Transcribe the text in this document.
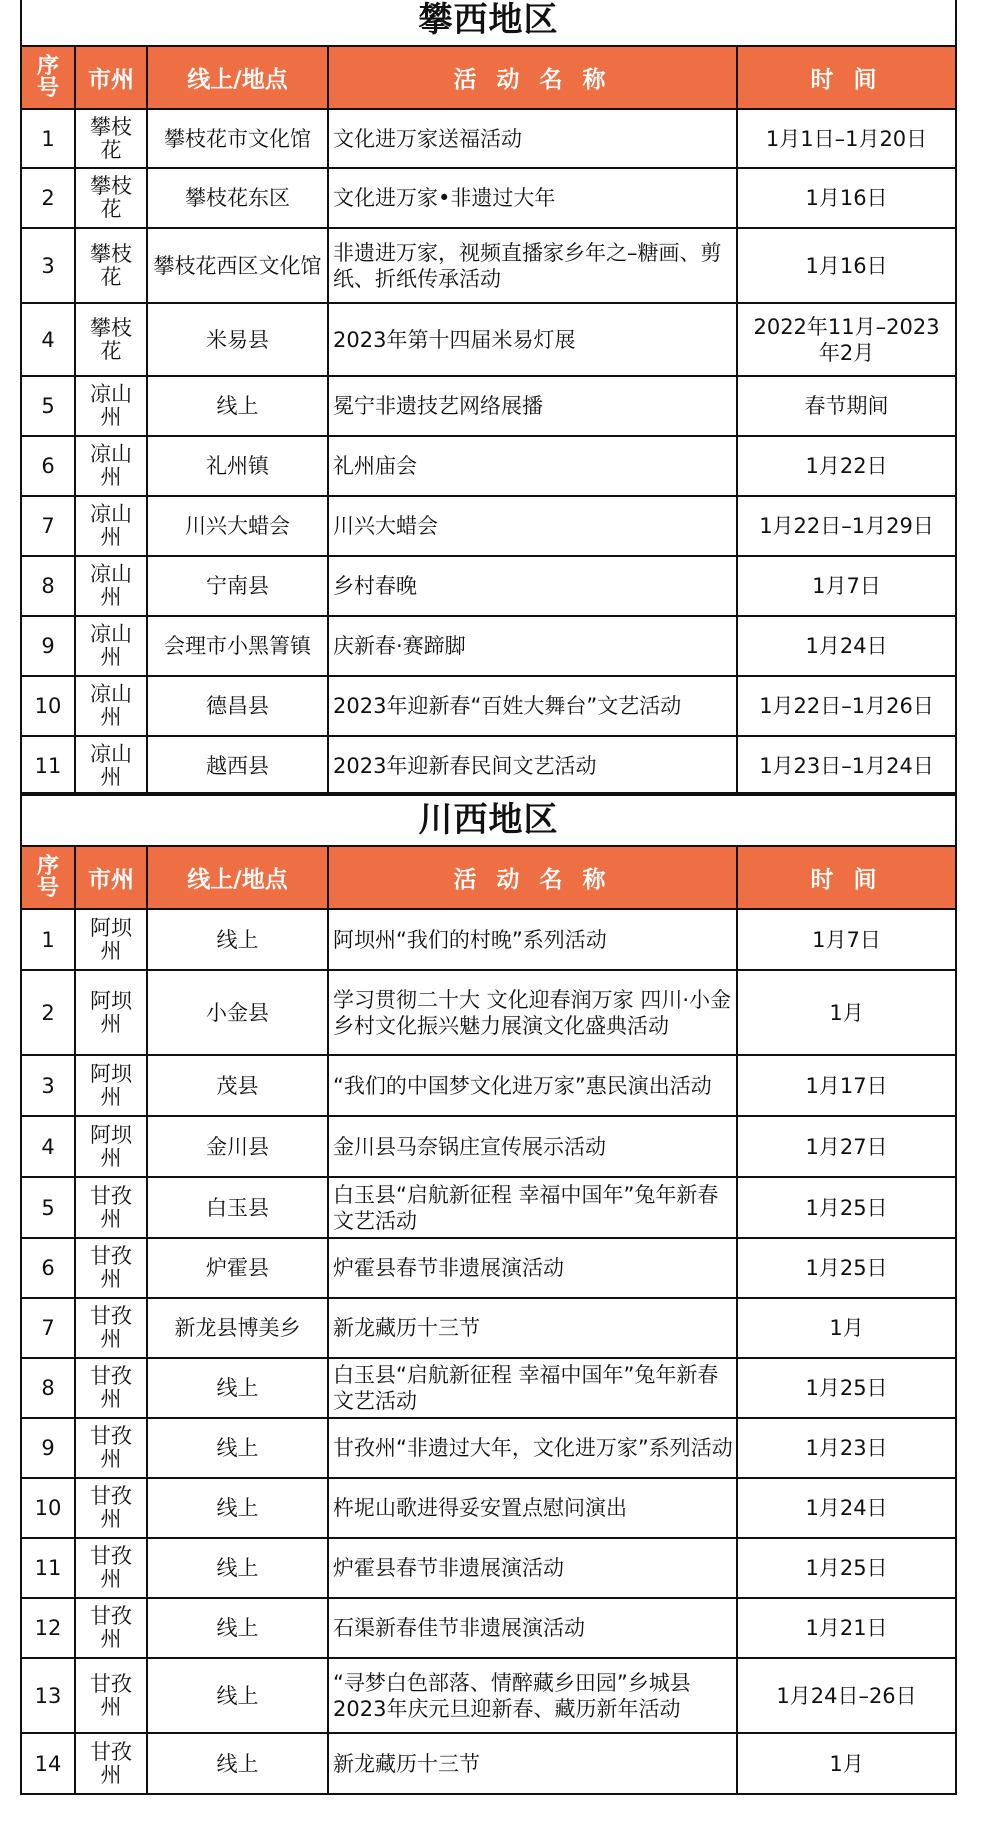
攀西地区				
序号	市州	线上/地点	活 动 名 称	时 间
1	攀枝花	攀枝花市文化馆	文化进万家送福活动	1月1日–1月20日
2	攀枝花	攀枝花东区	文化进万家•非遗过大年	1月16日
3	攀枝花	攀枝花西区文化馆	非遗进万家，视频直播家乡年之–糖画、剪纸、折纸传承活动	1月16日
4	攀枝花	米易县	2023年第十四届米易灯展	2022年11月–2023年2月
5	凉山州	线上	冕宁非遗技艺网络展播	春节期间
6	凉山州	礼州镇	礼州庙会	1月22日
7	凉山州	川兴大蜡会	川兴大蜡会	1月22日–1月29日
8	凉山州	宁南县	乡村春晚	1月7日
9	凉山州	会理市小黑箐镇	庆新春·赛蹄脚	1月24日
10	凉山州	德昌县	2023年迎新春“百姓大舞台”文艺活动	1月22日–1月26日
11	凉山州	越西县	2023年迎新春民间文艺活动	1月23日–1月24日
川西地区				
序号	市州	线上/地点	活 动 名 称	时 间
1	阿坝州	线上	阿坝州“我们的村晚”系列活动	1月7日
2	阿坝州	小金县	学习贯彻二十大 文化迎春润万家 四川·小金乡村文化振兴魅力展演文化盛典活动	1月
3	阿坝州	茂县	“我们的中国梦文化进万家”惠民演出活动	1月17日
4	阿坝州	金川县	金川县马奈锅庄宣传展示活动	1月27日
5	甘孜州	白玉县	白玉县“启航新征程 幸福中国年”兔年新春文艺活动	1月25日
6	甘孜州	炉霍县	炉霍县春节非遗展演活动	1月25日
7	甘孜州	新龙县博美乡	新龙藏历十三节	1月
8	甘孜州	线上	白玉县“启航新征程 幸福中国年”兔年新春文艺活动	1月25日
9	甘孜州	线上	甘孜州“非遗过大年，文化进万家”系列活动	1月23日
10	甘孜州	线上	杵坭山歌进得妥安置点慰问演出	1月24日
11	甘孜州	线上	炉霍县春节非遗展演活动	1月25日
12	甘孜州	线上	石渠新春佳节非遗展演活动	1月21日
13	甘孜州	线上	“寻梦白色部落、情醉藏乡田园”乡城县2023年庆元旦迎新春、藏历新年活动	1月24日–26日
14	甘孜州	线上	新龙藏历十三节	1月
